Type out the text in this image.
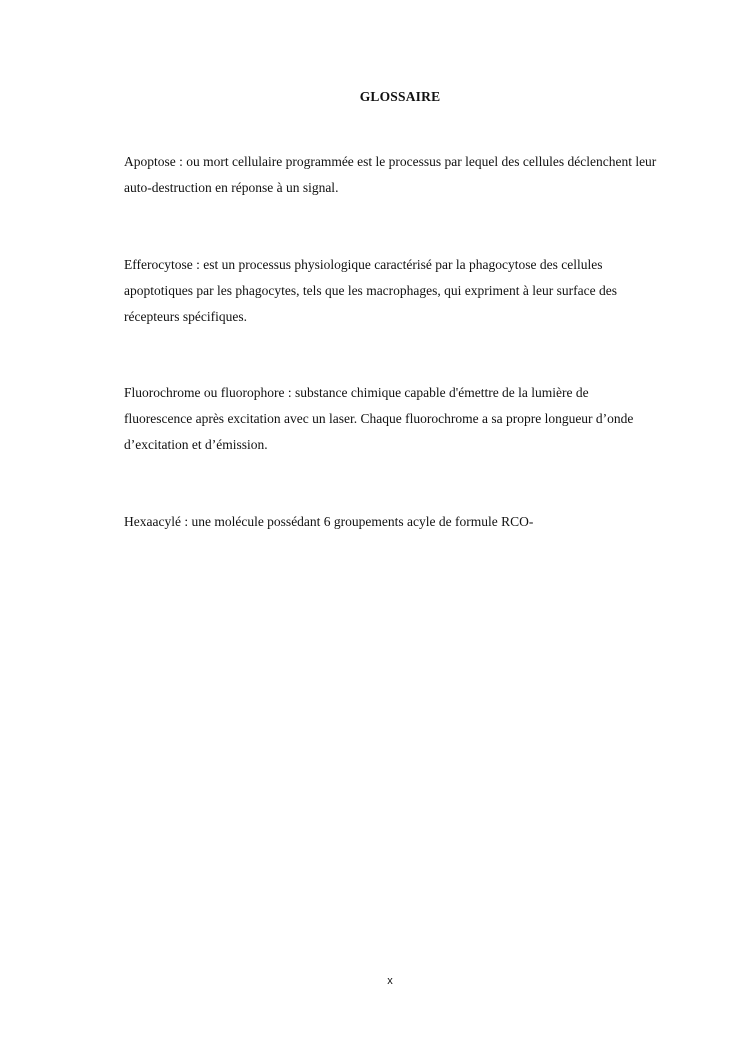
GLOSSAIRE

Apoptose : ou mort cellulaire programmée est le processus par lequel des cellules déclenchent leur auto-destruction en réponse à un signal.

Efferocytose : est un processus physiologique caractérisé par la phagocytose des cellules apoptotiques par les phagocytes, tels que les macrophages, qui expriment à leur surface des récepteurs spécifiques.

Fluorochrome ou fluorophore : substance chimique capable d'émettre de la lumière de fluorescence après excitation avec un laser. Chaque fluorochrome a sa propre longueur d’onde d’excitation et d’émission.

Hexaacylé : une molécule possédant 6 groupements acyle de formule RCO-

x
